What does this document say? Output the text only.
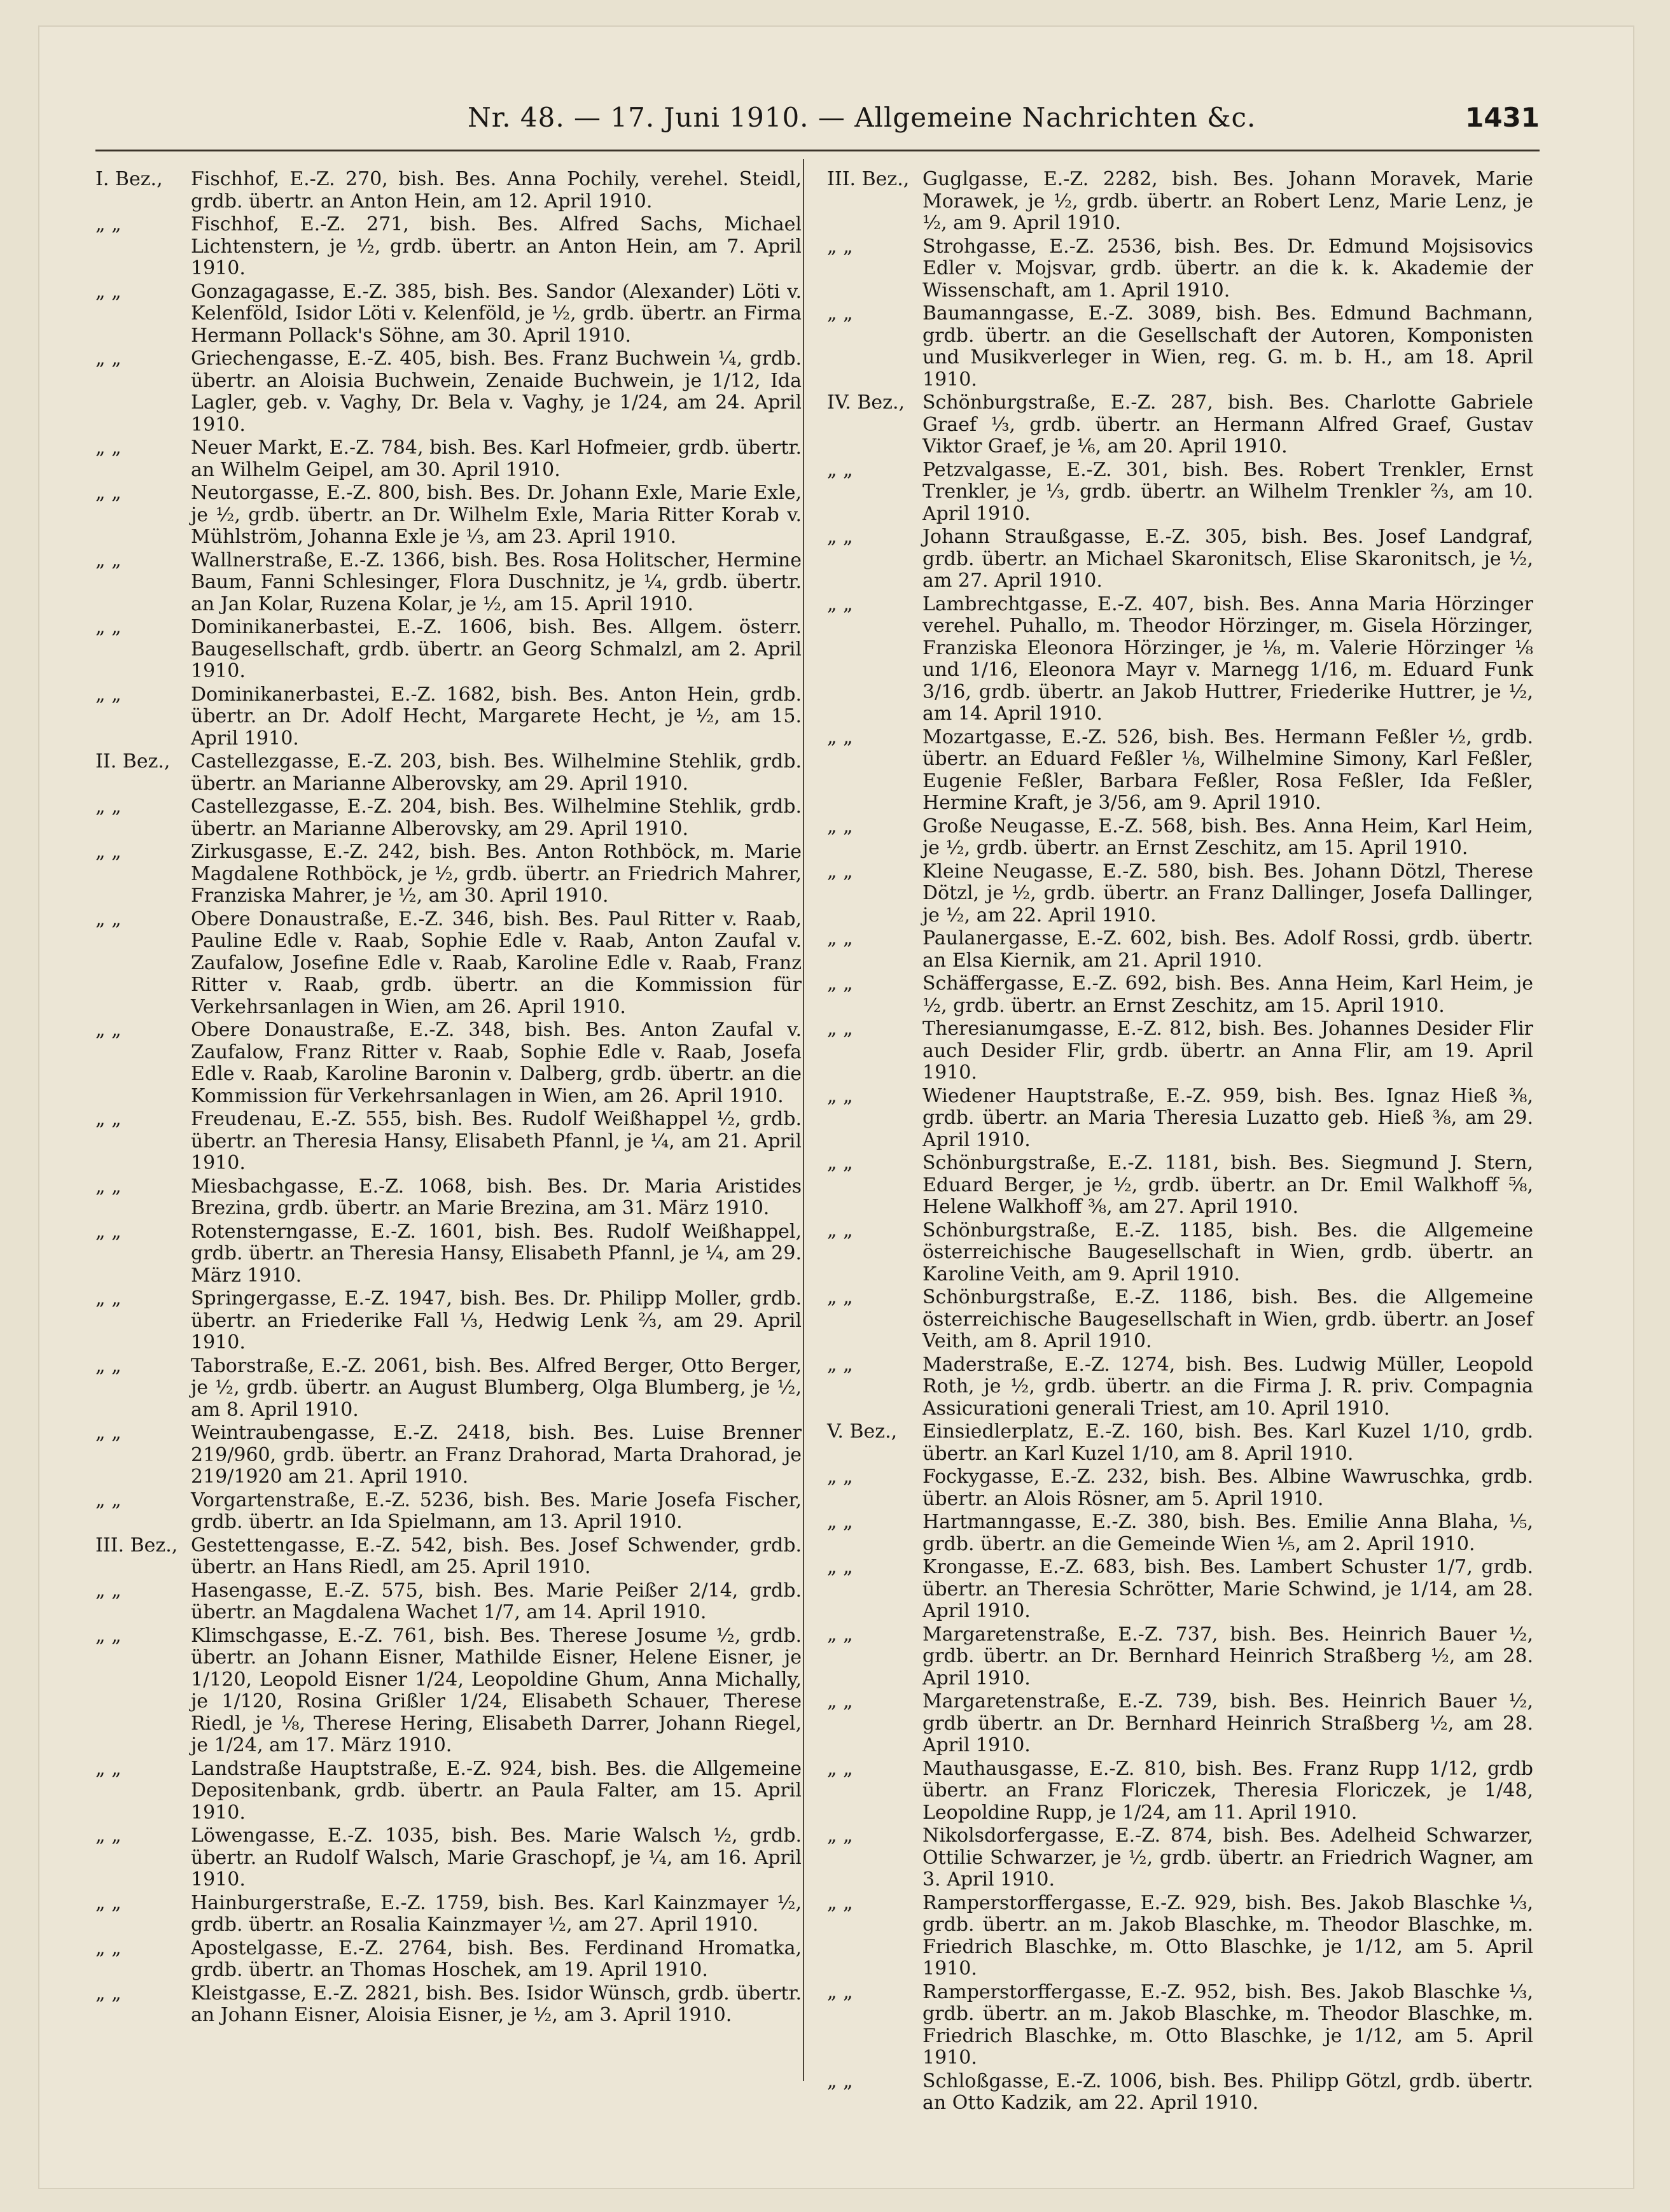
Nr. 48. — 17. Juni 1910. — Allgemeine Nachrichten &c.	1431
I. Bez.,	Fischhof, E.-Z. 270, bish. Bes. Anna Pochily, verehel. Steidl, grdb. übertr. an Anton Hein, am 12. April 1910.
„ „	Fischhof, E.-Z. 271, bish. Bes. Alfred Sachs, Michael Lichtenstern, je ½, grdb. übertr. an Anton Hein, am 7. April 1910.
„ „	Gonzagagasse, E.-Z. 385, bish. Bes. Sandor (Alexander) Löti v. Kelenföld, Isidor Löti v. Kelenföld, je ½, grdb. übertr. an Firma Hermann Pollack's Söhne, am 30. April 1910.
„ „	Griechengasse, E.-Z. 405, bish. Bes. Franz Buchwein ¼, grdb. übertr. an Aloisia Buchwein, Zenaide Buchwein, je 1/12, Ida Lagler, geb. v. Vaghy, Dr. Bela v. Vaghy, je 1/24, am 24. April 1910.
„ „	Neuer Markt, E.-Z. 784, bish. Bes. Karl Hofmeier, grdb. übertr. an Wilhelm Geipel, am 30. April 1910.
„ „	Neutorgasse, E.-Z. 800, bish. Bes. Dr. Johann Exle, Marie Exle, je ½, grdb. übertr. an Dr. Wilhelm Exle, Maria Ritter Korab v. Mühlström, Johanna Exle je ⅓, am 23. April 1910.
„ „	Wallnerstraße, E.-Z. 1366, bish. Bes. Rosa Holitscher, Hermine Baum, Fanni Schlesinger, Flora Duschnitz, je ¼, grdb. übertr. an Jan Kolar, Ruzena Kolar, je ½, am 15. April 1910.
„ „	Dominikanerbastei, E.-Z. 1606, bish. Bes. Allgem. österr. Baugesellschaft, grdb. übertr. an Georg Schmalzl, am 2. April 1910.
„ „	Dominikanerbastei, E.-Z. 1682, bish. Bes. Anton Hein, grdb. übertr. an Dr. Adolf Hecht, Margarete Hecht, je ½, am 15. April 1910.
II. Bez., Castellezgasse, E.-Z. 203, bish. Bes. Wilhelmine Stehlik, grdb. übertr. an Marianne Alberovsky, am 29. April 1910.
„ „	Castellezgasse, E.-Z. 204, bish. Bes. Wilhelmine Stehlik, grdb. übertr. an Marianne Alberovsky, am 29. April 1910.
„ „	Zirkusgasse, E.-Z. 242, bish. Bes. Anton Rothböck, m. Marie Magdalene Rothböck, je ½, grdb. übertr. an Friedrich Mahrer, Franziska Mahrer, je ½, am 30. April 1910.
„ „	Obere Donaustraße, E.-Z. 346, bish. Bes. Paul Ritter v. Raab, Pauline Edle v. Raab, Sophie Edle v. Raab, Anton Zaufal v. Zaufalow, Josefine Edle v. Raab, Karoline Edle v. Raab, Franz Ritter v. Raab, grdb. übertr. an die Kommission für Verkehrsanlagen in Wien, am 26. April 1910.
„ „	Obere Donaustraße, E.-Z. 348, bish. Bes. Anton Zaufal v. Zaufalow, Franz Ritter v. Raab, Sophie Edle v. Raab, Josefa Edle v. Raab, Karoline Baronin v. Dalberg, grdb. übertr. an die Kommission für Verkehrsanlagen in Wien, am 26. April 1910.
„ „	Freudenau, E.-Z. 555, bish. Bes. Rudolf Weißhappel ½, grdb. übertr. an Theresia Hansy, Elisabeth Pfannl, je ¼, am 21. April 1910.
„ „	Miesbachgasse, E.-Z. 1068, bish. Bes. Dr. Maria Aristides Brezina, grdb. übertr. an Marie Brezina, am 31. März 1910.
„ „	Rotensterngasse, E.-Z. 1601, bish. Bes. Rudolf Weißhappel, grdb. übertr. an Theresia Hansy, Elisabeth Pfannl, je ¼, am 29. März 1910.
„ „	Springergasse, E.-Z. 1947, bish. Bes. Dr. Philipp Moller, grdb. übertr. an Friederike Fall ⅓, Hedwig Lenk ⅔, am 29. April 1910.
„ „	Taborstraße, E.-Z. 2061, bish. Bes. Alfred Berger, Otto Berger, je ½, grdb. übertr. an August Blumberg, Olga Blumberg, je ½, am 8. April 1910.
„ „	Weintraubengasse, E.-Z. 2418, bish. Bes. Luise Brenner 219/960, grdb. übertr. an Franz Drahorad, Marta Drahorad, je 219/1920 am 21. April 1910.
„ „	Vorgartenstraße, E.-Z. 5236, bish. Bes. Marie Josefa Fischer, grdb. übertr. an Ida Spielmann, am 13. April 1910.
III. Bez., Gestettengasse, E.-Z. 542, bish. Bes. Josef Schwender, grdb. übertr. an Hans Riedl, am 25. April 1910.
„ „	Hasengasse, E.-Z. 575, bish. Bes. Marie Peißer 2/14, grdb. übertr. an Magdalena Wachet 1/7, am 14. April 1910.
„ „	Klimschgasse, E.-Z. 761, bish. Bes. Therese Josume ½, grdb. übertr. an Johann Eisner, Mathilde Eisner, Helene Eisner, je 1/120, Leopold Eisner 1/24, Leopoldine Ghum, Anna Michally, je 1/120, Rosina Grißler 1/24, Elisabeth Schauer, Therese Riedl, je ⅛, Therese Hering, Elisabeth Darrer, Johann Riegel, je 1/24, am 17. März 1910.
„ „	Landstraße Hauptstraße, E.-Z. 924, bish. Bes. die Allgemeine Depositenbank, grdb. übertr. an Paula Falter, am 15. April 1910.
„ „	Löwengasse, E.-Z. 1035, bish. Bes. Marie Walsch ½, grdb. übertr. an Rudolf Walsch, Marie Graschopf, je ¼, am 16. April 1910.
„ „	Hainburgerstraße, E.-Z. 1759, bish. Bes. Karl Kainzmayer ½, grdb. übertr. an Rosalia Kainzmayer ½, am 27. April 1910.
„ „	Apostelgasse, E.-Z. 2764, bish. Bes. Ferdinand Hromatka, grdb. übertr. an Thomas Hoschek, am 19. April 1910.
„ „	Kleistgasse, E.-Z. 2821, bish. Bes. Isidor Wünsch, grdb. übertr. an Johann Eisner, Aloisia Eisner, je ½, am 3. April 1910.
III. Bez., Guglgasse, E.-Z. 2282, bish. Bes. Johann Moravek, Marie Morawek, je ½, grdb. übertr. an Robert Lenz, Marie Lenz, je ½, am 9. April 1910.
„ „	Strohgasse, E.-Z. 2536, bish. Bes. Dr. Edmund Mojsisovics Edler v. Mojsvar, grdb. übertr. an die k. k. Akademie der Wissenschaft, am 1. April 1910.
„ „	Baumanngasse, E.-Z. 3089, bish. Bes. Edmund Bachmann, grdb. übertr. an die Gesellschaft der Autoren, Komponisten und Musikverleger in Wien, reg. G. m. b. H., am 18. April 1910.
IV. Bez., Schönburgstraße, E.-Z. 287, bish. Bes. Charlotte Gabriele Graef ⅓, grdb. übertr. an Hermann Alfred Graef, Gustav Viktor Graef, je ⅙, am 20. April 1910.
„ „	Petzvalgasse, E.-Z. 301, bish. Bes. Robert Trenkler, Ernst Trenkler, je ⅓, grdb. übertr. an Wilhelm Trenkler ⅔, am 10. April 1910.
„ „	Johann Straußgasse, E.-Z. 305, bish. Bes. Josef Landgraf, grdb. übertr. an Michael Skaronitsch, Elise Skaronitsch, je ½, am 27. April 1910.
„ „	Lambrechtgasse, E.-Z. 407, bish. Bes. Anna Maria Hörzinger verehel. Puhallo, m. Theodor Hörzinger, m. Gisela Hörzinger, Franziska Eleonora Hörzinger, je ⅛, m. Valerie Hörzinger ⅛ und 1/16, Eleonora Mayr v. Marnegg 1/16, m. Eduard Funk 3/16, grdb. übertr. an Jakob Huttrer, Friederike Huttrer, je ½, am 14. April 1910.
„ „	Mozartgasse, E.-Z. 526, bish. Bes. Hermann Feßler ½, grdb. übertr. an Eduard Feßler ⅛, Wilhelmine Simony, Karl Feßler, Eugenie Feßler, Barbara Feßler, Rosa Feßler, Ida Feßler, Hermine Kraft, je 3/56, am 9. April 1910.
„ „	Große Neugasse, E.-Z. 568, bish. Bes. Anna Heim, Karl Heim, je ½, grdb. übertr. an Ernst Zeschitz, am 15. April 1910.
„ „	Kleine Neugasse, E.-Z. 580, bish. Bes. Johann Dötzl, Therese Dötzl, je ½, grdb. übertr. an Franz Dallinger, Josefa Dallinger, je ½, am 22. April 1910.
„ „	Paulanergasse, E.-Z. 602, bish. Bes. Adolf Rossi, grdb. übertr. an Elsa Kiernik, am 21. April 1910.
„ „	Schäffergasse, E.-Z. 692, bish. Bes. Anna Heim, Karl Heim, je ½, grdb. übertr. an Ernst Zeschitz, am 15. April 1910.
„ „	Theresianumgasse, E.-Z. 812, bish. Bes. Johannes Desider Flir auch Desider Flir, grdb. übertr. an Anna Flir, am 19. April 1910.
„ „	Wiedener Hauptstraße, E.-Z. 959, bish. Bes. Ignaz Hieß ⅜, grdb. übertr. an Maria Theresia Luzatto geb. Hieß ⅜, am 29. April 1910.
„ „	Schönburgstraße, E.-Z. 1181, bish. Bes. Siegmund J. Stern, Eduard Berger, je ½, grdb. übertr. an Dr. Emil Walkhoff ⅝, Helene Walkhoff ⅜, am 27. April 1910.
„ „	Schönburgstraße, E.-Z. 1185, bish. Bes. die Allgemeine österreichische Baugesellschaft in Wien, grdb. übertr. an Karoline Veith, am 9. April 1910.
„ „	Schönburgstraße, E.-Z. 1186, bish. Bes. die Allgemeine österreichische Baugesellschaft in Wien, grdb. übertr. an Josef Veith, am 8. April 1910.
„ „	Maderstraße, E.-Z. 1274, bish. Bes. Ludwig Müller, Leopold Roth, je ½, grdb. übertr. an die Firma J. R. priv. Compagnia Assicurationi generali Triest, am 10. April 1910.
V. Bez.,	Einsiedlerplatz, E.-Z. 160, bish. Bes. Karl Kuzel 1/10, grdb. übertr. an Karl Kuzel 1/10, am 8. April 1910.
„ „	Fockygasse, E.-Z. 232, bish. Bes. Albine Wawruschka, grdb. übertr. an Alois Rösner, am 5. April 1910.
„ „	Hartmanngasse, E.-Z. 380, bish. Bes. Emilie Anna Blaha, ⅕, grdb. übertr. an die Gemeinde Wien ⅕, am 2. April 1910.
„ „	Krongasse, E.-Z. 683, bish. Bes. Lambert Schuster 1/7, grdb. übertr. an Theresia Schrötter, Marie Schwind, je 1/14, am 28. April 1910.
„ „	Margaretenstraße, E.-Z. 737, bish. Bes. Heinrich Bauer ½, grdb. übertr. an Dr. Bernhard Heinrich Straßberg ½, am 28. April 1910.
„ „	Margaretenstraße, E.-Z. 739, bish. Bes. Heinrich Bauer ½, grdb übertr. an Dr. Bernhard Heinrich Straßberg ½, am 28. April 1910.
„ „	Mauthausgasse, E.-Z. 810, bish. Bes. Franz Rupp 1/12, grdb übertr. an Franz Floriczek, Theresia Floriczek, je 1/48, Leopoldine Rupp, je 1/24, am 11. April 1910.
„ „	Nikolsdorfergasse, E.-Z. 874, bish. Bes. Adelheid Schwarzer, Ottilie Schwarzer, je ½, grdb. übertr. an Friedrich Wagner, am 3. April 1910.
„ „	Ramperstorffergasse, E.-Z. 929, bish. Bes. Jakob Blaschke ⅓, grdb. übertr. an m. Jakob Blaschke, m. Theodor Blaschke, m. Friedrich Blaschke, m. Otto Blaschke, je 1/12, am 5. April 1910.
„ „	Ramperstorffergasse, E.-Z. 952, bish. Bes. Jakob Blaschke ⅓, grdb. übertr. an m. Jakob Blaschke, m. Theodor Blaschke, m. Friedrich Blaschke, m. Otto Blaschke, je 1/12, am 5. April 1910.
„ „	Schloßgasse, E.-Z. 1006, bish. Bes. Philipp Götzl, grdb. übertr. an Otto Kadzik, am 22. April 1910.
